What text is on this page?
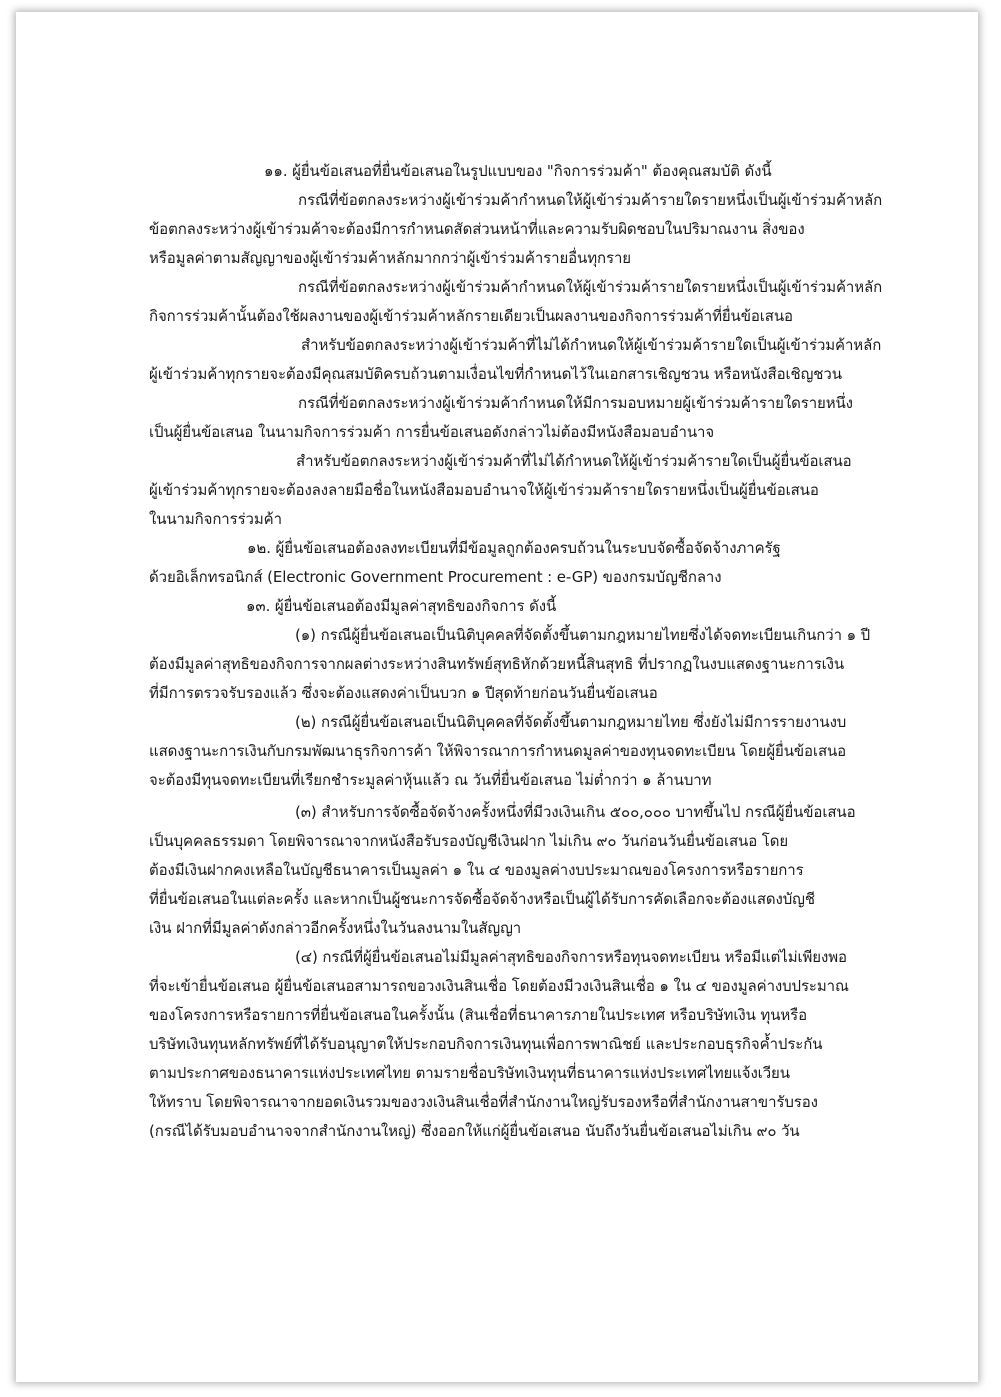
๑๑. ผู้ยื่นข้อเสนอที่ยื่นข้อเสนอในรูปแบบของ "กิจการร่วมค้า" ต้องคุณสมบัติ ดังนี้
กรณีที่ข้อตกลงระหว่างผู้เข้าร่วมค้ากำหนดให้ผู้เข้าร่วมค้ารายใดรายหนึ่งเป็นผู้เข้าร่วมค้าหลัก
ข้อตกลงระหว่างผู้เข้าร่วมค้าจะต้องมีการกำหนดสัดส่วนหน้าที่และความรับผิดชอบในปริมาณงาน สิ่งของ
หรือมูลค่าตามสัญญาของผู้เข้าร่วมค้าหลักมากกว่าผู้เข้าร่วมค้ารายอื่นทุกราย
กรณีที่ข้อตกลงระหว่างผู้เข้าร่วมค้ากำหนดให้ผู้เข้าร่วมค้ารายใดรายหนึ่งเป็นผู้เข้าร่วมค้าหลัก
กิจการร่วมค้านั้นต้องใช้ผลงานของผู้เข้าร่วมค้าหลักรายเดียวเป็นผลงานของกิจการร่วมค้าที่ยื่นข้อเสนอ
สำหรับข้อตกลงระหว่างผู้เข้าร่วมค้าที่ไม่ได้กำหนดให้ผู้เข้าร่วมค้ารายใดเป็นผู้เข้าร่วมค้าหลัก
ผู้เข้าร่วมค้าทุกรายจะต้องมีคุณสมบัติครบถ้วนตามเงื่อนไขที่กำหนดไว้ในเอกสารเชิญชวน หรือหนังสือเชิญชวน
กรณีที่ข้อตกลงระหว่างผู้เข้าร่วมค้ากำหนดให้มีการมอบหมายผู้เข้าร่วมค้ารายใดรายหนึ่ง
เป็นผู้ยื่นข้อเสนอ ในนามกิจการร่วมค้า การยื่นข้อเสนอดังกล่าวไม่ต้องมีหนังสือมอบอำนาจ
สำหรับข้อตกลงระหว่างผู้เข้าร่วมค้าที่ไม่ได้กำหนดให้ผู้เข้าร่วมค้ารายใดเป็นผู้ยื่นข้อเสนอ
ผู้เข้าร่วมค้าทุกรายจะต้องลงลายมือชื่อในหนังสือมอบอำนาจให้ผู้เข้าร่วมค้ารายใดรายหนึ่งเป็นผู้ยื่นข้อเสนอ
ในนามกิจการร่วมค้า
๑๒. ผู้ยื่นข้อเสนอต้องลงทะเบียนที่มีข้อมูลถูกต้องครบถ้วนในระบบจัดซื้อจัดจ้างภาครัฐ
ด้วยอิเล็กทรอนิกส์ (Electronic Government Procurement : e-GP) ของกรมบัญชีกลาง
๑๓. ผู้ยื่นข้อเสนอต้องมีมูลค่าสุทธิของกิจการ ดังนี้
(๑) กรณีผู้ยื่นข้อเสนอเป็นนิติบุคคลที่จัดตั้งขึ้นตามกฎหมายไทยซึ่งได้จดทะเบียนเกินกว่า ๑ ปี
ต้องมีมูลค่าสุทธิของกิจการจากผลต่างระหว่างสินทรัพย์สุทธิหักด้วยหนี้สินสุทธิ ที่ปรากฏในงบแสดงฐานะการเงิน
ที่มีการตรวจรับรองแล้ว ซึ่งจะต้องแสดงค่าเป็นบวก ๑ ปีสุดท้ายก่อนวันยื่นข้อเสนอ
(๒) กรณีผู้ยื่นข้อเสนอเป็นนิติบุคคลที่จัดตั้งขึ้นตามกฎหมายไทย ซึ่งยังไม่มีการรายงานงบ
แสดงฐานะการเงินกับกรมพัฒนาธุรกิจการค้า ให้พิจารณาการกำหนดมูลค่าของทุนจดทะเบียน โดยผู้ยื่นข้อเสนอ
จะต้องมีทุนจดทะเบียนที่เรียกชำระมูลค่าหุ้นแล้ว ณ วันที่ยื่นข้อเสนอ ไม่ต่ำกว่า ๑ ล้านบาท
(๓) สำหรับการจัดซื้อจัดจ้างครั้งหนึ่งที่มีวงเงินเกิน ๕๐๐,๐๐๐ บาทขึ้นไป กรณีผู้ยื่นข้อเสนอ
เป็นบุคคลธรรมดา โดยพิจารณาจากหนังสือรับรองบัญชีเงินฝาก ไม่เกิน ๙๐ วันก่อนวันยื่นข้อเสนอ โดย
ต้องมีเงินฝากคงเหลือในบัญชีธนาคารเป็นมูลค่า ๑ ใน ๔ ของมูลค่างบประมาณของโครงการหรือรายการ
ที่ยื่นข้อเสนอในแต่ละครั้ง และหากเป็นผู้ชนะการจัดซื้อจัดจ้างหรือเป็นผู้ได้รับการคัดเลือกจะต้องแสดงบัญชี
เงิน ฝากที่มีมูลค่าดังกล่าวอีกครั้งหนึ่งในวันลงนามในสัญญา
(๔) กรณีที่ผู้ยื่นข้อเสนอไม่มีมูลค่าสุทธิของกิจการหรือทุนจดทะเบียน หรือมีแต่ไม่เพียงพอ
ที่จะเข้ายื่นข้อเสนอ ผู้ยื่นข้อเสนอสามารถขอวงเงินสินเชื่อ โดยต้องมีวงเงินสินเชื่อ ๑ ใน ๔ ของมูลค่างบประมาณ
ของโครงการหรือรายการที่ยื่นข้อเสนอในครั้งนั้น (สินเชื่อที่ธนาคารภายในประเทศ หรือบริษัทเงิน ทุนหรือ
บริษัทเงินทุนหลักทรัพย์ที่ได้รับอนุญาตให้ประกอบกิจการเงินทุนเพื่อการพาณิชย์ และประกอบธุรกิจค้ำประกัน
ตามประกาศของธนาคารแห่งประเทศไทย ตามรายชื่อบริษัทเงินทุนที่ธนาคารแห่งประเทศไทยแจ้งเวียน
ให้ทราบ โดยพิจารณาจากยอดเงินรวมของวงเงินสินเชื่อที่สำนักงานใหญ่รับรองหรือที่สำนักงานสาขารับรอง
(กรณีได้รับมอบอำนาจจากสำนักงานใหญ่) ซึ่งออกให้แก่ผู้ยื่นข้อเสนอ นับถึงวันยื่นข้อเสนอไม่เกิน ๙๐ วัน
